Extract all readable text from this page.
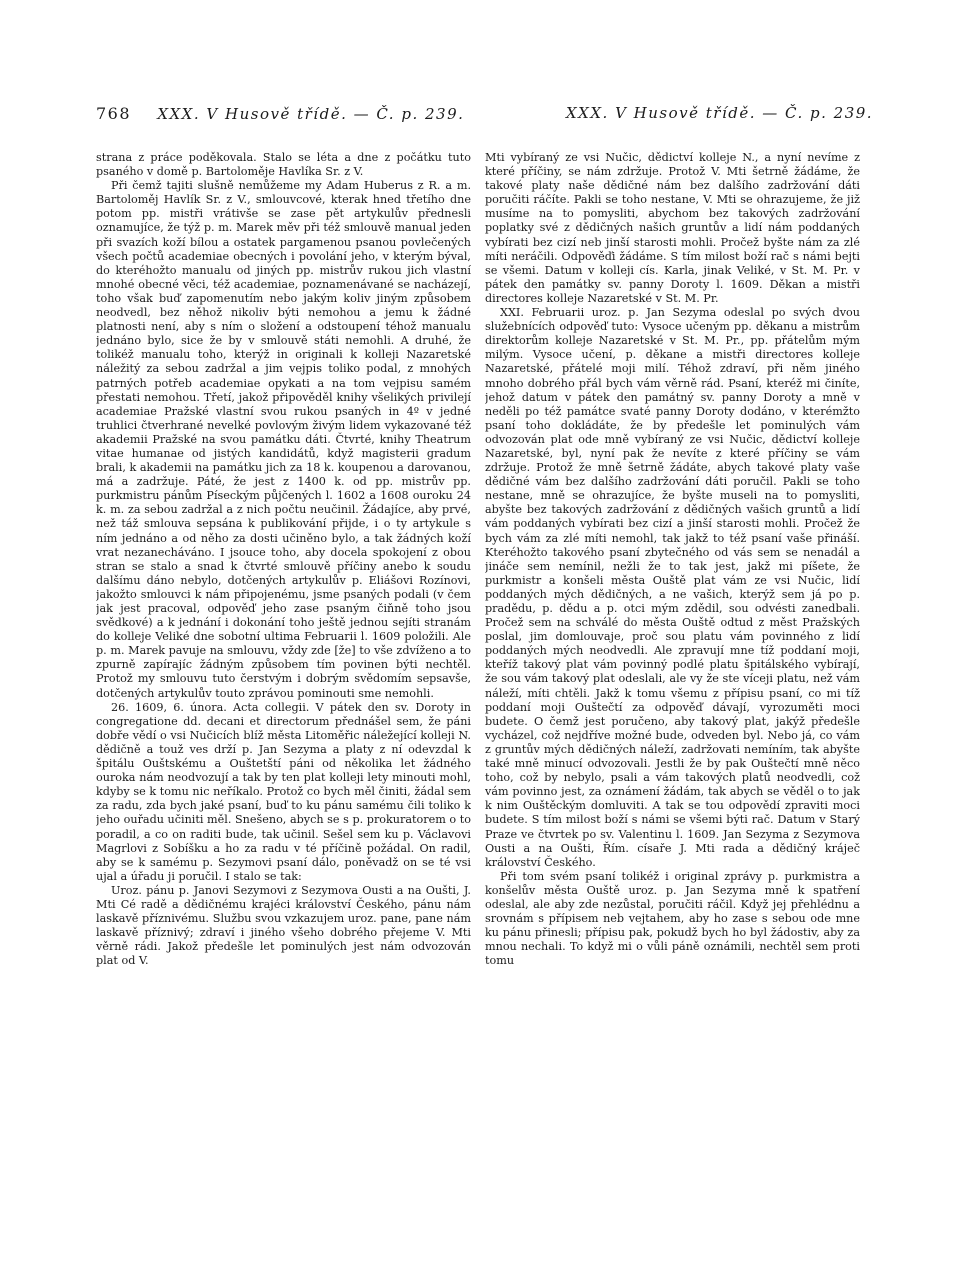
768 XXX. V Husově třídě. — Č. p. 239.	XXX. V Husově třídě. — Č. p. 239.

strana z práce poděkovala. Stalo se léta a dne z počátku tuto psaného v domě p. Bartoloměje Havlíka Sr. z V.

Při čemž tajiti slušně nemůžeme my Adam Huberus z R. a m. Bartoloměj Havlík Sr. z V., smlouvcové, kterak hned třetího dne potom pp. mistři vrátivše se zase pět artykulův přednesli oznamujíce, že týž p. m. Marek měv při též smlouvě manual jeden při svazích koží bílou a ostatek pargamenou psanou povlečených všech počtů academiae obecných i povolání jeho, v kterým býval, do kteréhožto manualu od jiných pp. mistrův rukou jich vlastní mnohé obecné věci, též academiae, poznamenávané se nacházejí, toho však buď zapomenutím nebo jakým koliv jiným způsobem neodvedl, bez něhož nikoliv býti nemohou a jemu k žádné platnosti není, aby s ním o složení a odstoupení téhož manualu jednáno bylo, sice že by v smlouvě státi nemohli. A druhé, že tolikéž manualu toho, kterýž in originali k kolleji Nazaretské náležitý za sebou zadržal a jim vejpis toliko podal, z mnohých patrných potřeb academiae opykati a na tom vejpisu samém přestati nemohou. Třetí, jakož připověděl knihy všelikých privilejí academiae Pražské vlastní svou rukou psaných in 4º v jedné truhlici čtverhrané nevelké povlovým živým lidem vykazované též akademii Pražské na svou památku dáti. Čtvrté, knihy Theatrum vitae humanae od jistých kandidátů, když magisterii gradum brali, k akademii na památku jich za 18 k. koupenou a darovanou, má a zadržuje. Páté, že jest z 1400 k. od pp. mistrův pp. purkmistru pánům Píseckým půjčených l. 1602 a 1608 ouroku 24 k. m. za sebou zadržal a z nich počtu neučinil. Žádajíce, aby prvé, než táž smlouva sepsána k publikování přijde, i o ty artykule s ním jednáno a od něho za dosti učiněno bylo, a tak žádných koží vrat nezanecháváno. I jsouce toho, aby docela spokojení z obou stran se stalo a snad k čtvrté smlouvě příčiny anebo k soudu dalšímu dáno nebylo, dotčených artykulův p. Eliášovi Rozínovi, jakožto smlouvci k nám připojenému, jsme psaných podali (v čem jak jest pracoval, odpověď jeho zase psaným čiňně toho jsou svědkové) a k jednání i dokonání toho ještě jednou sejíti stranám do kolleje Veliké dne sobotní ultima Februarii l. 1609 položili. Ale p. m. Marek pavuje na smlouvu, vždy zde [že] to vše zdvíženo a to zpurně zapírajíc žádným způsobem tím povinen býti nechtěl. Protož my smlouvu tuto čerstvým i dobrým svědomím sepsavše, dotčených artykulův touto zprávou pominouti sme nemohli.

26. 1609, 6. února. Acta collegii. V pátek den sv. Doroty in congregatione dd. decani et directorum přednášel sem, že páni dobře vědí o vsi Nučicích blíž města Litoměřic náležející kolleji N. dědičně a touž ves drží p. Jan Sezyma a platy z ní odevzdal k špitálu Ouštskému a Ouštetští páni od několika let žádného ouroka nám neodvozují a tak by ten plat kolleji lety minouti mohl, kdyby se k tomu nic neříkalo. Protož co bych měl činiti, žádal sem za radu, zda bych jaké psaní, buď to ku pánu samému čili toliko k jeho ouřadu učiniti měl. Snešeno, abych se s p. prokuratorem o to poradil, a co on raditi bude, tak učinil. Sešel sem ku p. Václavovi Magrlovi z Sobíšku a ho za radu v té příčině požádal. On radil, aby se k samému p. Sezymovi psaní dálo, poněvadž on se té vsi ujal a úřadu ji poručil. I stalo se tak:

Uroz. pánu p. Janovi Sezymovi z Sezymova Ousti a na Oušti, J. Mti Cé radě a dědičnému krajéci království Českého, pánu nám laskavě příznivému. Službu svou vzkazujem uroz. pane, pane nám laskavě příznivý; zdraví i jiného všeho dobrého přejeme V. Mti věrně rádi. Jakož předešle let pominulých jest nám odvozován plat od V.

Mti vybíraný ze vsi Nučic, dědictví kolleje N., a nyní nevíme z které příčiny, se nám zdržuje. Protož V. Mti šetrně žádáme, že takové platy naše dědičné nám bez dalšího zadržování dáti poručiti ráčíte. Pakli se toho nestane, V. Mti se ohrazujeme, že již musíme na to pomysliti, abychom bez takových zadržování poplatky své z dědičných našich gruntův a lidí nám poddaných vybírati bez cizí neb jinší starosti mohli. Pročež byšte nám za zlé míti neráčili. Odpověďi žádáme. S tím milost boží rač s námi bejti se všemi. Datum v kolleji cís. Karla, jinak Veliké, v St. M. Pr. v pátek den památky sv. panny Doroty l. 1609. Děkan a mistři directores kolleje Nazaretské v St. M. Pr.

XXI. Februarii uroz. p. Jan Sezyma odeslal po svých dvou služebnících odpověď tuto: Vysoce učeným pp. děkanu a mistrům direktorům kolleje Nazaretské v St. M. Pr., pp. přátelům mým milým. Vysoce učení, p. děkane a mistři directores kolleje Nazaretské, přátelé moji milí. Téhož zdraví, při něm jiného mnoho dobrého přál bych vám věrně rád. Psaní, kteréž mi činíte, jehož datum v pátek den památný sv. panny Doroty a mně v neděli po též památce svaté panny Doroty dodáno, v kterémžto psaní toho dokládáte, že by předešle let pominulých vám odvozován plat ode mně vybíraný ze vsi Nučic, dědictví kolleje Nazaretské, byl, nyní pak že nevíte z které příčiny se vám zdržuje. Protož že mně šetrně žádáte, abych takové platy vaše dědičné vám bez dalšího zadržování dáti poručil. Pakli se toho nestane, mně se ohrazujíce, že byšte museli na to pomysliti, abyšte bez takových zadržování z dědičných vašich gruntů a lidí vám poddaných vybírati bez cizí a jinší starosti mohli. Pročež že bych vám za zlé míti nemohl, tak jakž to též psaní vaše přináší. Kteréhožto takového psaní zbytečného od vás sem se nenadál a jináče sem nemínil, nežli že to tak jest, jakž mi píšete, že purkmistr a konšeli města Ouště plat vám ze vsi Nučic, lidí poddaných mých dědičných, a ne vašich, kterýž sem já po p. pradědu, p. dědu a p. otci mým zdědil, sou odvésti zanedbali. Pročež sem na schválé do města Ouště odtud z měst Pražských poslal, jim domlouvaje, proč sou platu vám povinného z lidí poddaných mých neodvedli. Ale zpravují mne tíž poddaní moji, kteříž takový plat vám povinný podlé platu špitálského vybírají, že sou vám takový plat odeslali, ale vy že ste víceji platu, než vám náleží, míti chtěli. Jakž k tomu všemu z přípisu psaní, co mi tíž poddaní moji Ouštečtí za odpověď dávají, vyrozuměti moci budete. O čemž jest poručeno, aby takový plat, jakýž předešle vycházel, což nejdříve možné bude, odveden byl. Nebo já, co vám z gruntův mých dědičných náleží, zadržovati nemíním, tak abyšte také mně minucí odvozovali. Jestli že by pak Ouštečtí mně něco toho, což by nebylo, psali a vám takových platů neodvedli, což vám povinno jest, za oznámení žádám, tak abych se věděl o to jak k nim Ouštěckým domluviti. A tak se tou odpovědí zpraviti moci budete. S tím milost boží s námi se všemi býti rač. Datum v Starý Praze ve čtvrtek po sv. Valentinu l. 1609. Jan Sezyma z Sezymova Ousti a na Oušti, Řím. císaře J. Mti rada a dědičný kráječ království Českého.

Při tom svém psaní tolikéž i original zprávy p. purkmistra a konšelův města Ouště uroz. p. Jan Sezyma mně k spatření odeslal, ale aby zde nezůstal, poručiti ráčil. Když jej přehlédnu a srovnám s přípisem neb vejtahem, aby ho zase s sebou ode mne ku pánu přinesli; přípisu pak, pokudž bych ho byl žádostiv, aby za mnou nechali. To když mi o vůli páně oznámili, nechtěl sem proti tomu
